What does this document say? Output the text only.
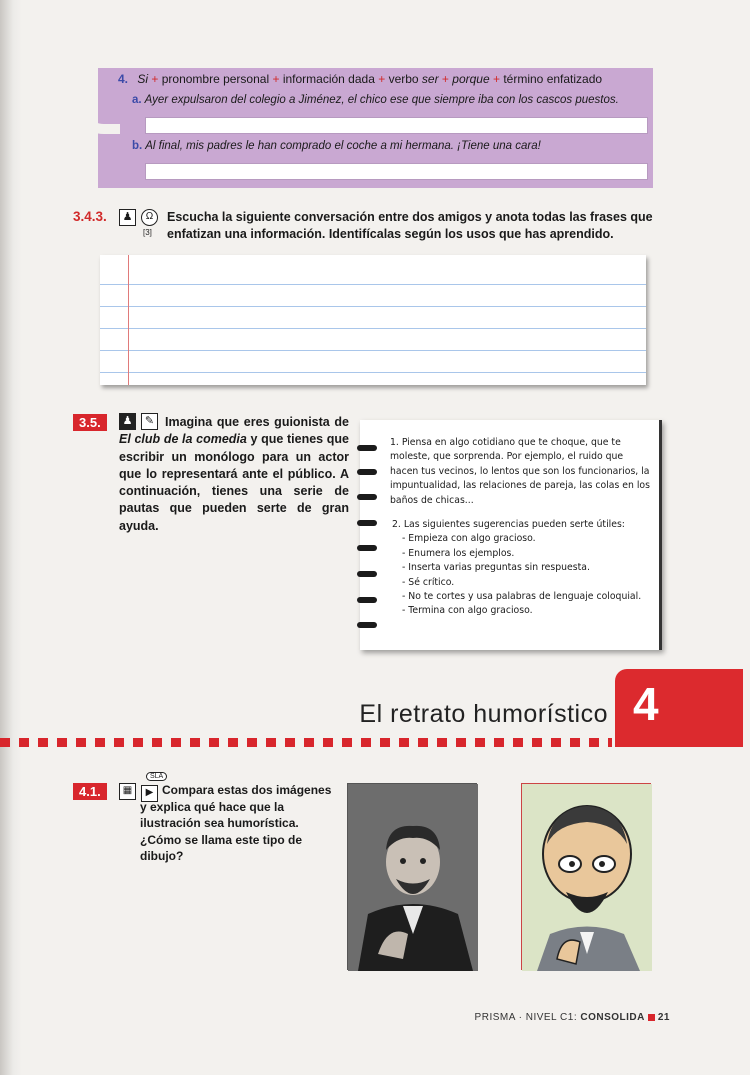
4. Si + pronombre personal + información dada + verbo ser + porque + término enfatizado
a. Ayer expulsaron del colegio a Jiménez, el chico ese que siempre iba con los cascos puestos.
b. Al final, mis padres le han comprado el coche a mi hermana. ¡Tiene una cara!
3.4.3.	♟	Ω
[3]
Escucha la siguiente conversación entre dos amigos y anota todas las frases que enfatizan una información. Identifícalas según los usos que has aprendido.
3.5.	♟	✎ Imagina que eres guionista de El club de la comedia y que tienes que escribir un monólogo para un actor que lo representará ante el público. A continuación, tienes una serie de pautas que pueden serte de gran ayuda.
1. Piensa en algo cotidiano que te choque, que te moleste, que sorprenda. Por ejemplo, el ruido que hacen tus vecinos, lo lentos que son los funcionarios, la impuntualidad, las relaciones de pareja, las colas en los baños de chicas...
2. Las siguientes sugerencias pueden serte útiles:
- Empieza con algo gracioso.
- Enumera los ejemplos.
- Inserta varias preguntas sin respuesta.
- Sé crítico.
- No te cortes y usa palabras de lenguaje coloquial.
- Termina con algo gracioso.
El retrato humorístico 4
4.1.	▦	▶
SLA
Compara estas dos imágenes y explica qué hace que la ilustración sea humorística. ¿Cómo se llama este tipo de dibujo?
PRISMA · NIVEL C1: CONSOLIDA 21
